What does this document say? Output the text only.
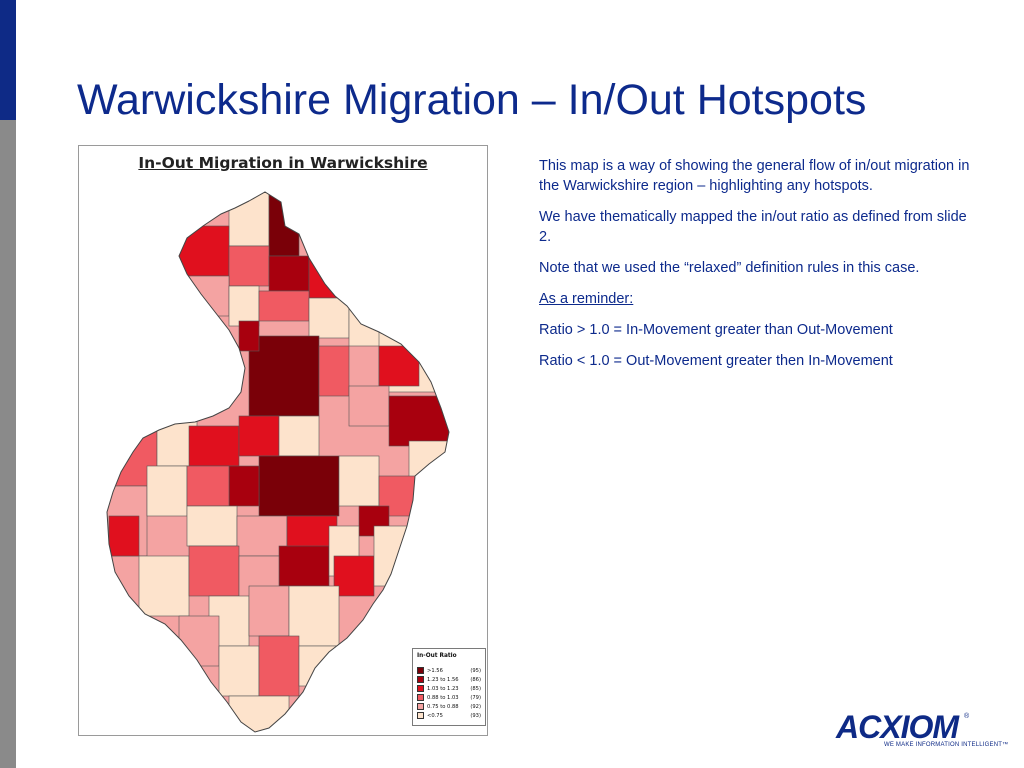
Warwickshire Migration – In/Out Hotspots
In-Out Migration in Warwickshire
In-Out Ratio
>1.56	(95)
1.23 to 1.56	(86)
1.03 to 1.23	(85)
0.88 to 1.03	(79)
0.75 to 0.88	(92)
<0.75	(93)

This map is a way of showing the general flow of in/out migration in the Warwickshire region – highlighting any hotspots.

We have thematically mapped the in/out ratio as defined from slide 2.

Note that we used the “relaxed” definition rules in this case.

As a reminder:

Ratio > 1.0 = In-Movement greater than Out-Movement

Ratio < 1.0 = Out-Movement greater then In-Movement

ACXIOM ®
WE MAKE INFORMATION INTELLIGENT™
